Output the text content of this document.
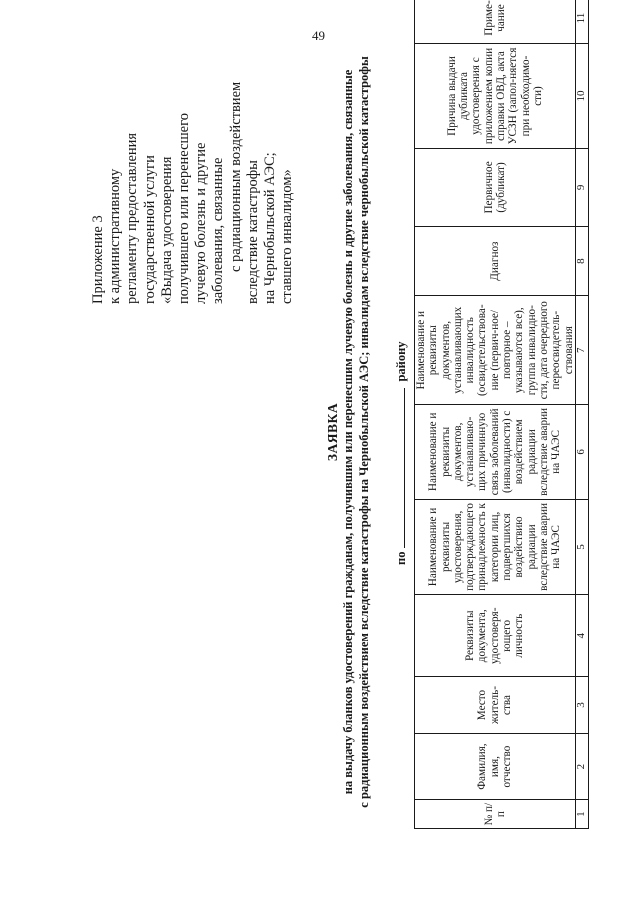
49
Приложение 3 к административному регламенту предоставления государственной услуги «Выдача удостоверения получившего или перенесшего лучевую болезнь и другие заболевания, связанные с радиационным воздействием вследствие катастрофы на Чернобыльской АЭС; ставшего инвалидом»
ЗАЯВКА на выдачу бланков удостоверений гражданам, получившим или перенесшим лучевую болезнь и другие заболевания, связанные с радиационным воздействием вследствие катастрофы на Чернобыльской АЭС; инвалидам вследствие чернобыльской катастрофы порайону
№ п/п	Фамилия, имя, отчество	Место житель-ства	Реквизиты документа, удостоверя-ющего личность	Наименование и реквизиты удостоверения, подтверждающего принадлежность к категории лиц, подвергшихся воздействию радиации вследствие аварии на ЧАЭС	Наименование и реквизиты документов, устанавливаю-щих причинную связь заболеваний (инвалидности) с воздействием радиации вследствие аварии на ЧАЭС	Наименование и реквизиты документов, устанавливающих инвалидность (освидетельствова-ние (первич-ное/повторное – указываются все), группа инвалидно-сти, дата очередного переосвидетель-ствования	Диагноз	Первичное (дубликат)	Причина выдачи дубликата удостоверения с приложением копии справки ОВД, акта УСЗН (запол-няется при необходимо-сти)	Приме-чание
1	2	3	4	5	6	7	8	9	10	11
